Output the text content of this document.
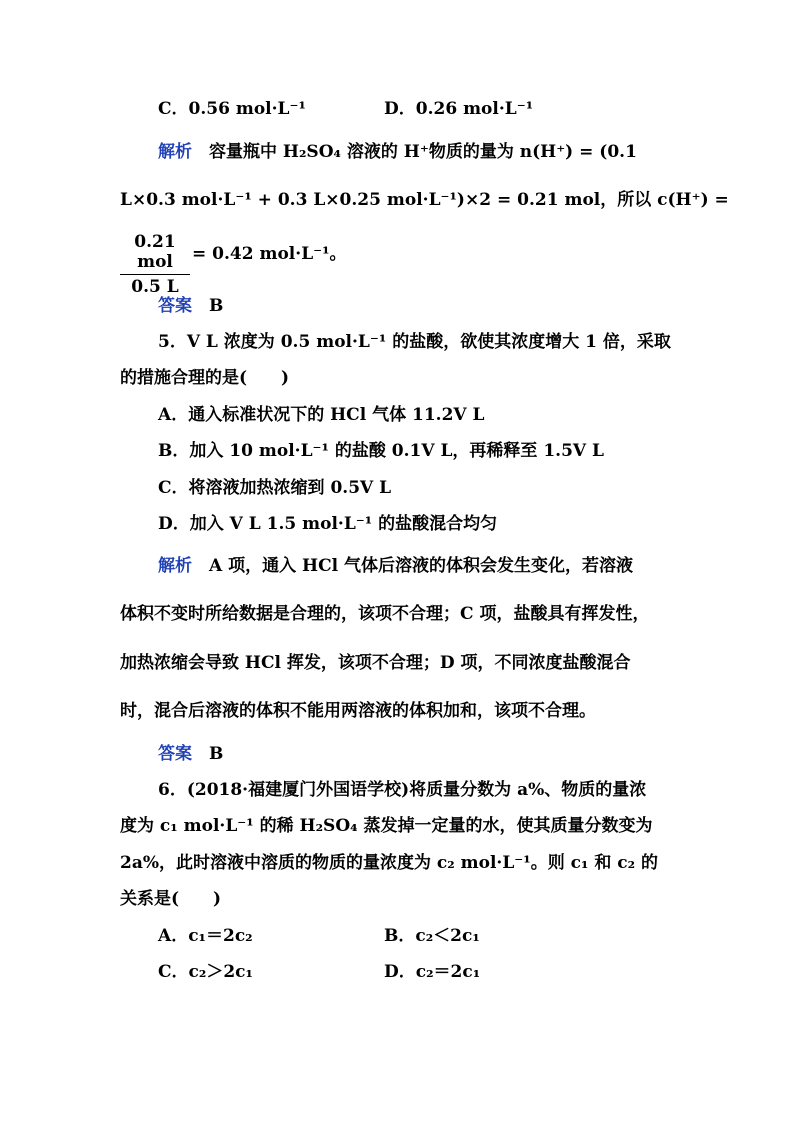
C．0.56 mol·L⁻¹	D．0.26 mol·L⁻¹
解析  容量瓶中 H₂SO₄ 溶液的 H⁺物质的量为 n(H⁺) = (0.1
L×0.3 mol·L⁻¹ + 0.3 L×0.25 mol·L⁻¹)×2 = 0.21 mol，所以 c(H⁺) =
0.21 mol
0.5 L
= 0.42 mol·L⁻¹。
答案  B
5．V L 浓度为 0.5 mol·L⁻¹ 的盐酸，欲使其浓度增大 1 倍，采取
的措施合理的是(　　)
A．通入标准状况下的 HCl 气体 11.2V L
B．加入 10 mol·L⁻¹ 的盐酸 0.1V L，再稀释至 1.5V L
C．将溶液加热浓缩到 0.5V L
D．加入 V L 1.5 mol·L⁻¹ 的盐酸混合均匀
解析  A 项，通入 HCl 气体后溶液的体积会发生变化，若溶液
体积不变时所给数据是合理的，该项不合理；C 项，盐酸具有挥发性，
加热浓缩会导致 HCl 挥发，该项不合理；D 项，不同浓度盐酸混合
时，混合后溶液的体积不能用两溶液的体积加和，该项不合理。
答案  B
6．(2018·福建厦门外国语学校)将质量分数为 a%、物质的量浓
度为 c₁ mol·L⁻¹ 的稀 H₂SO₄ 蒸发掉一定量的水，使其质量分数变为
2a%，此时溶液中溶质的物质的量浓度为 c₂ mol·L⁻¹。则 c₁ 和 c₂ 的
关系是(　　)
A．c₁＝2c₂	B．c₂＜2c₁
C．c₂＞2c₁	D．c₂＝2c₁
